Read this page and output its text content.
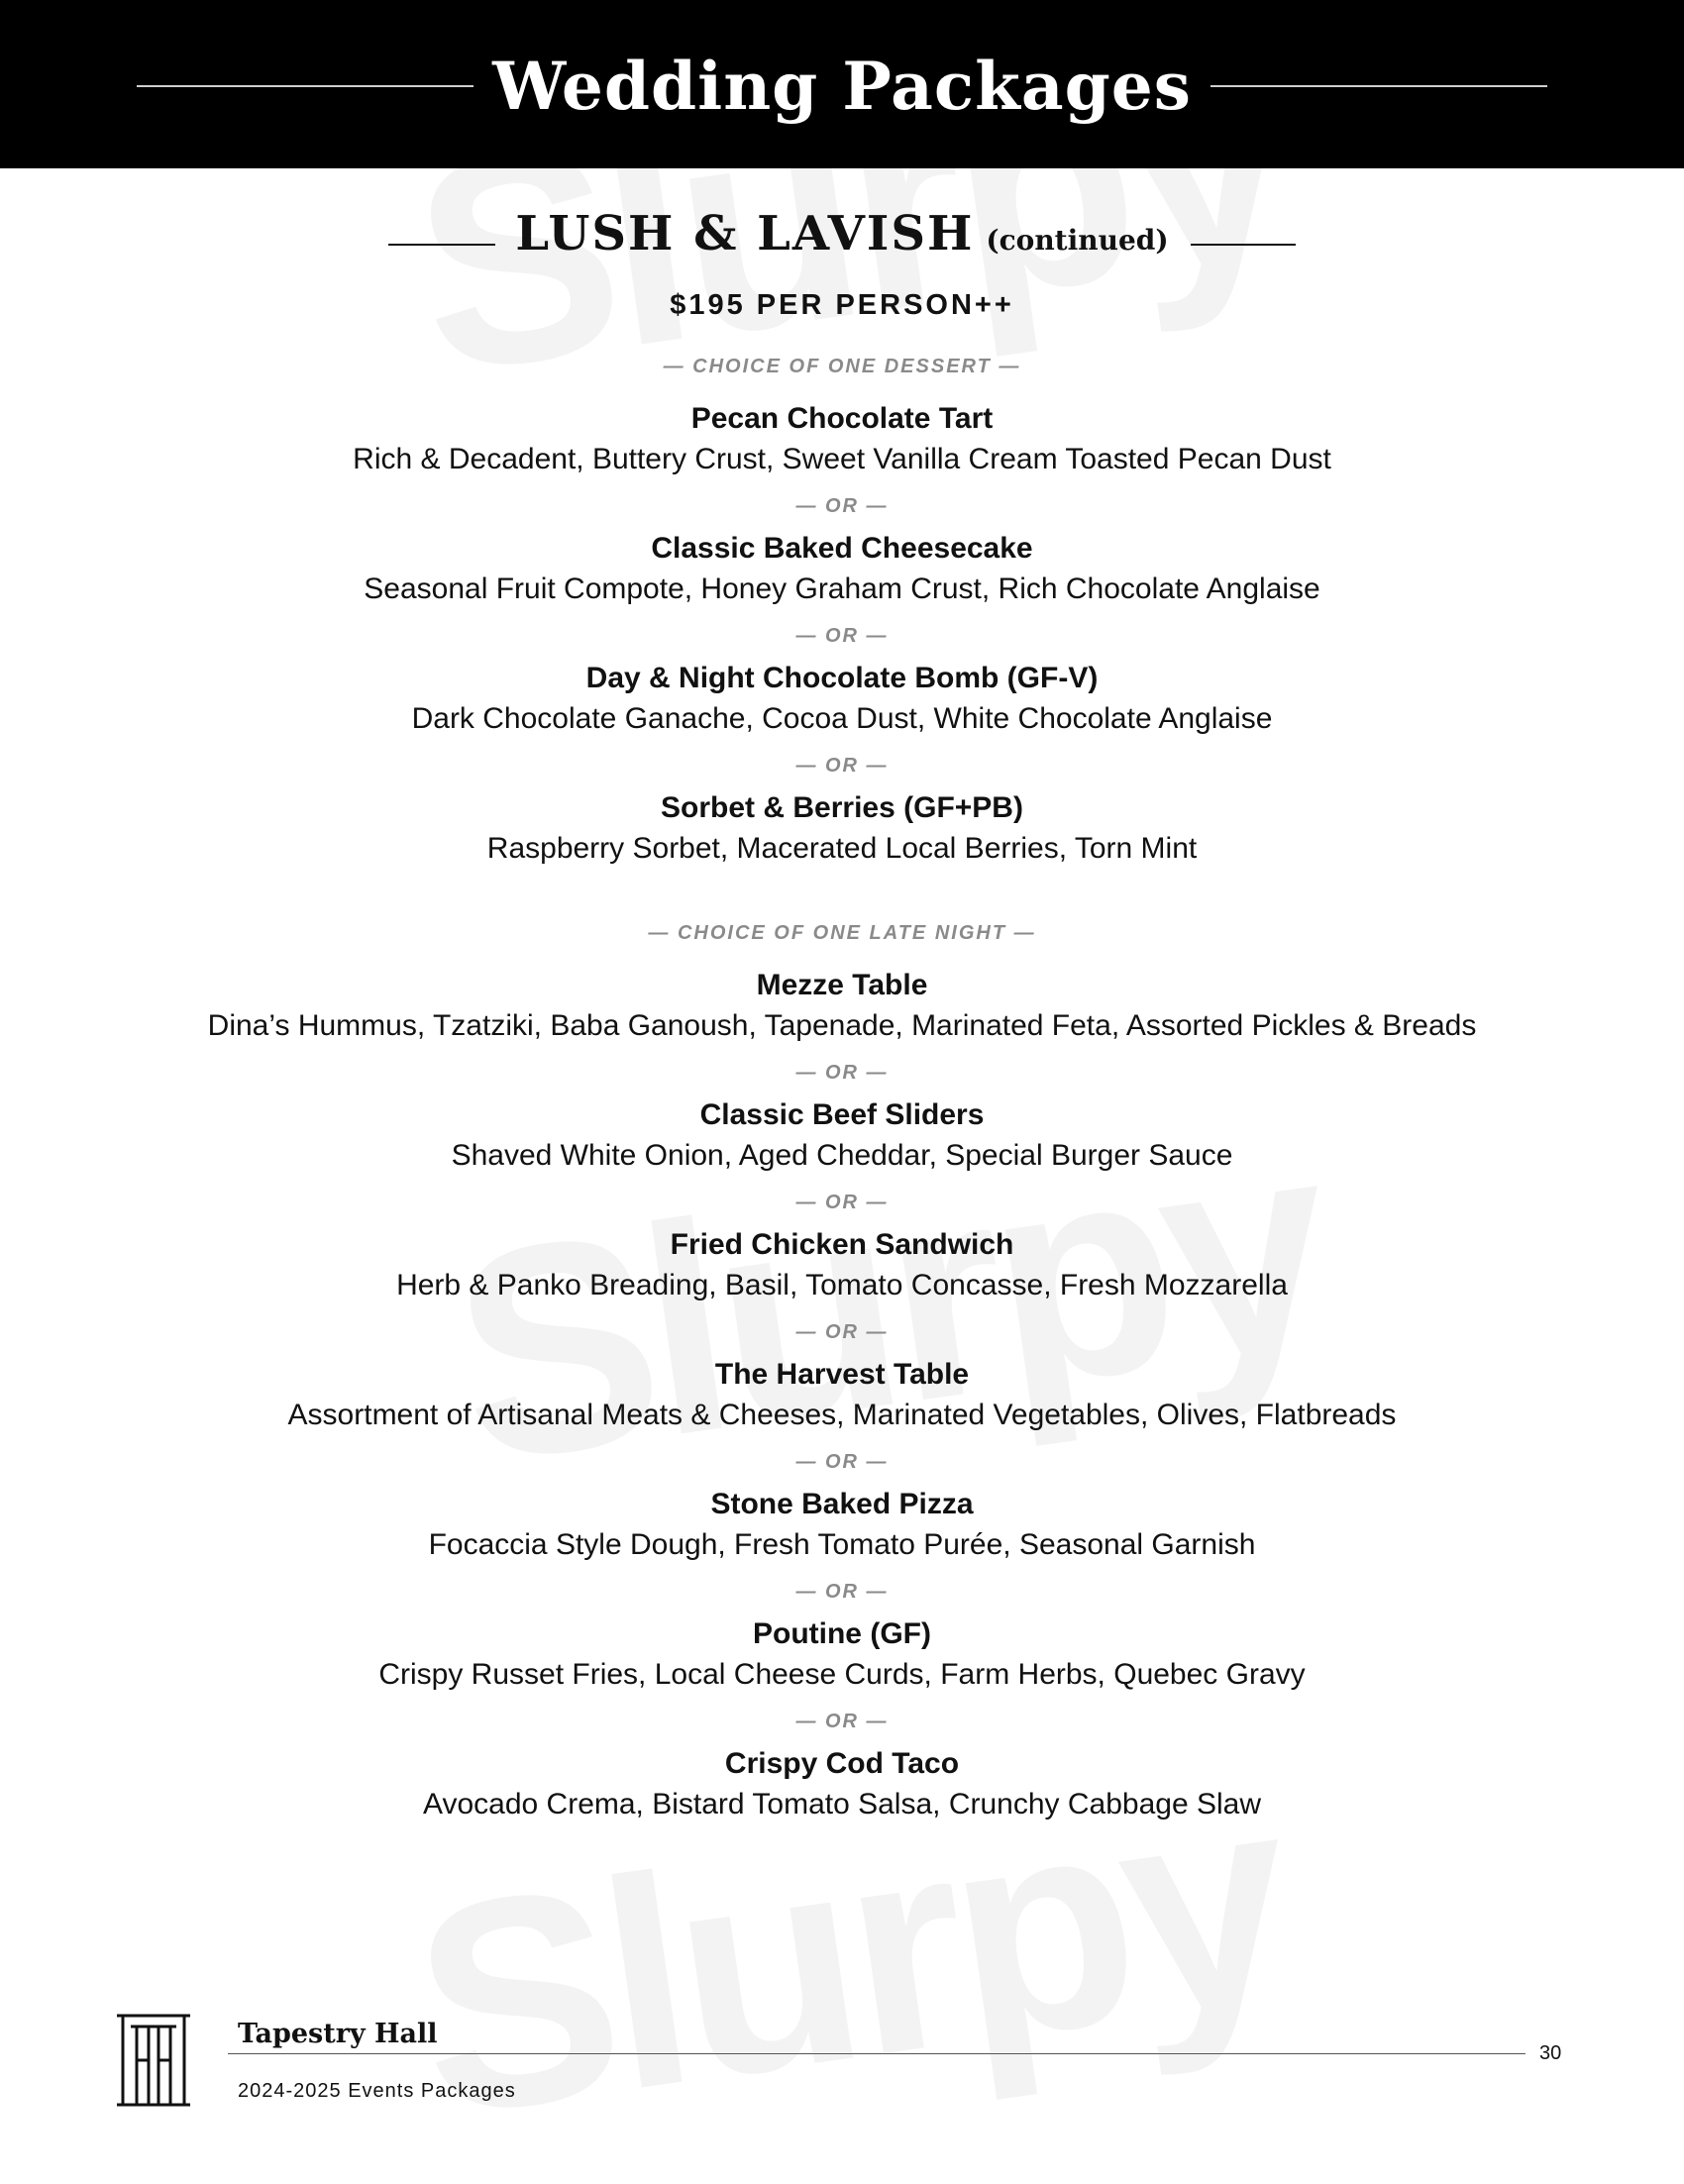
Wedding Packages
LUSH & LAVISH (continued)
$195 PER PERSON++
— CHOICE OF ONE DESSERT —
Pecan Chocolate Tart
Rich & Decadent, Buttery Crust, Sweet Vanilla Cream Toasted Pecan Dust
— OR —
Classic Baked Cheesecake
Seasonal Fruit Compote, Honey Graham Crust, Rich Chocolate Anglaise
— OR —
Day & Night Chocolate Bomb (GF-V)
Dark Chocolate Ganache, Cocoa Dust, White Chocolate Anglaise
— OR —
Sorbet & Berries (GF+PB)
Raspberry Sorbet, Macerated Local Berries, Torn Mint
— CHOICE OF ONE LATE NIGHT —
Mezze Table
Dina’s Hummus, Tzatziki, Baba Ganoush, Tapenade, Marinated Feta, Assorted Pickles & Breads
— OR —
Classic Beef Sliders
Shaved White Onion, Aged Cheddar, Special Burger Sauce
— OR —
Fried Chicken Sandwich
Herb & Panko Breading, Basil, Tomato Concasse, Fresh Mozzarella
— OR —
The Harvest Table
Assortment of Artisanal Meats & Cheeses, Marinated Vegetables, Olives, Flatbreads
— OR —
Stone Baked Pizza
Focaccia Style Dough, Fresh Tomato Purée, Seasonal Garnish
— OR —
Poutine (GF)
Crispy Russet Fries, Local Cheese Curds, Farm Herbs, Quebec Gravy
— OR —
Crispy Cod Taco
Avocado Crema, Bistard Tomato Salsa, Crunchy Cabbage Slaw
Tapestry Hall
2024-2025 Events Packages
30
